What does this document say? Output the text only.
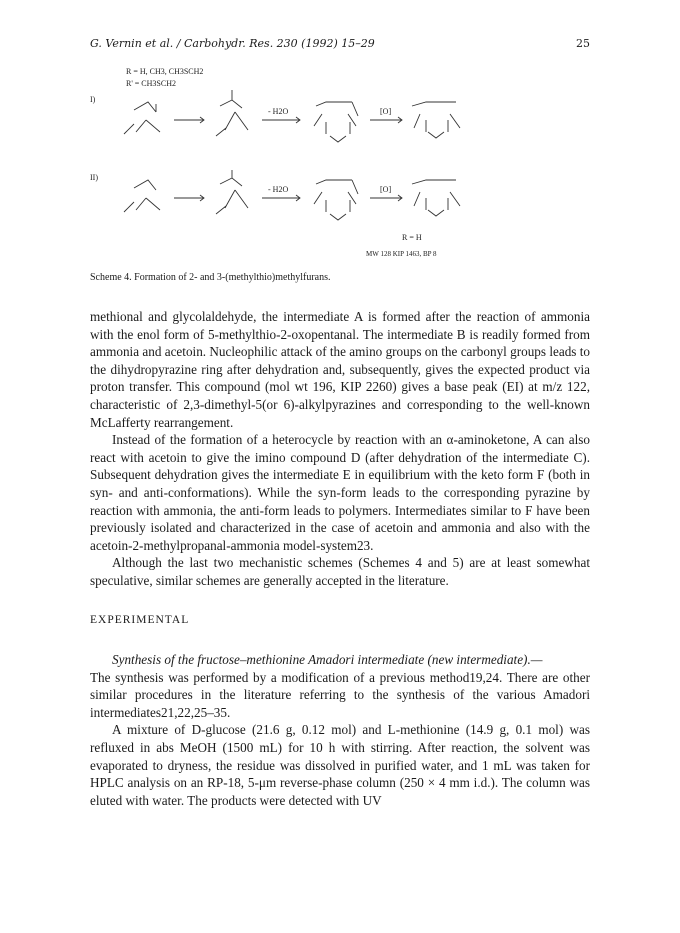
G. Vernin et al. / Carbohydr. Res. 230 (1992) 15–29	25
R = H, CH3, CH3SCH2
R' = CH3SCH2
I)
II)
- H2O	[O]
- H2O	[O]
R = H
MW 128 KIP 1463, BP 8
Scheme 4. Formation of 2- and 3-(methylthio)methylfurans.

methional and glycolaldehyde, the intermediate A is formed after the reaction of ammonia with the enol form of 5-methylthio-2-oxopentanal. The intermediate B is readily formed from ammonia and acetoin. Nucleophilic attack of the amino groups on the carbonyl groups leads to the dihydropyrazine ring after dehydration and, subsequently, gives the expected product via proton transfer. This compound (mol wt 196, KIP 2260) gives a base peak (EI) at m/z 122, characteristic of 2,3-dimethyl-5(or 6)-alkylpyrazines and corresponding to the well-known McLafferty rearrangement.

Instead of the formation of a heterocycle by reaction with an α-aminoketone, A can also react with acetoin to give the imino compound D (after dehydration of the intermediate C). Subsequent dehydration gives the intermediate E in equilibrium with the keto form F (both in syn- and anti-conformations). While the syn-form leads to the corresponding pyrazine by reaction with ammonia, the anti-form leads to polymers. Intermediates similar to F have been previously isolated and characterized in the case of acetoin and ammonia and also with the acetoin-2-methylpropanal-ammonia model-system23.

Although the last two mechanistic schemes (Schemes 4 and 5) are at least somewhat speculative, similar schemes are generally accepted in the literature.

EXPERIMENTAL

Synthesis of the fructose–methionine Amadori intermediate (new intermediate).—

The synthesis was performed by a modification of a previous method19,24. There are other similar procedures in the literature referring to the synthesis of the various Amadori intermediates21,22,25–35.

A mixture of D-glucose (21.6 g, 0.12 mol) and L-methionine (14.9 g, 0.1 mol) was refluxed in abs MeOH (1500 mL) for 10 h with stirring. After reaction, the solvent was evaporated to dryness, the residue was dissolved in purified water, and 1 mL was taken for HPLC analysis on an RP-18, 5-μm reverse-phase column (250 × 4 mm i.d.). The column was eluted with water. The products were detected with UV
